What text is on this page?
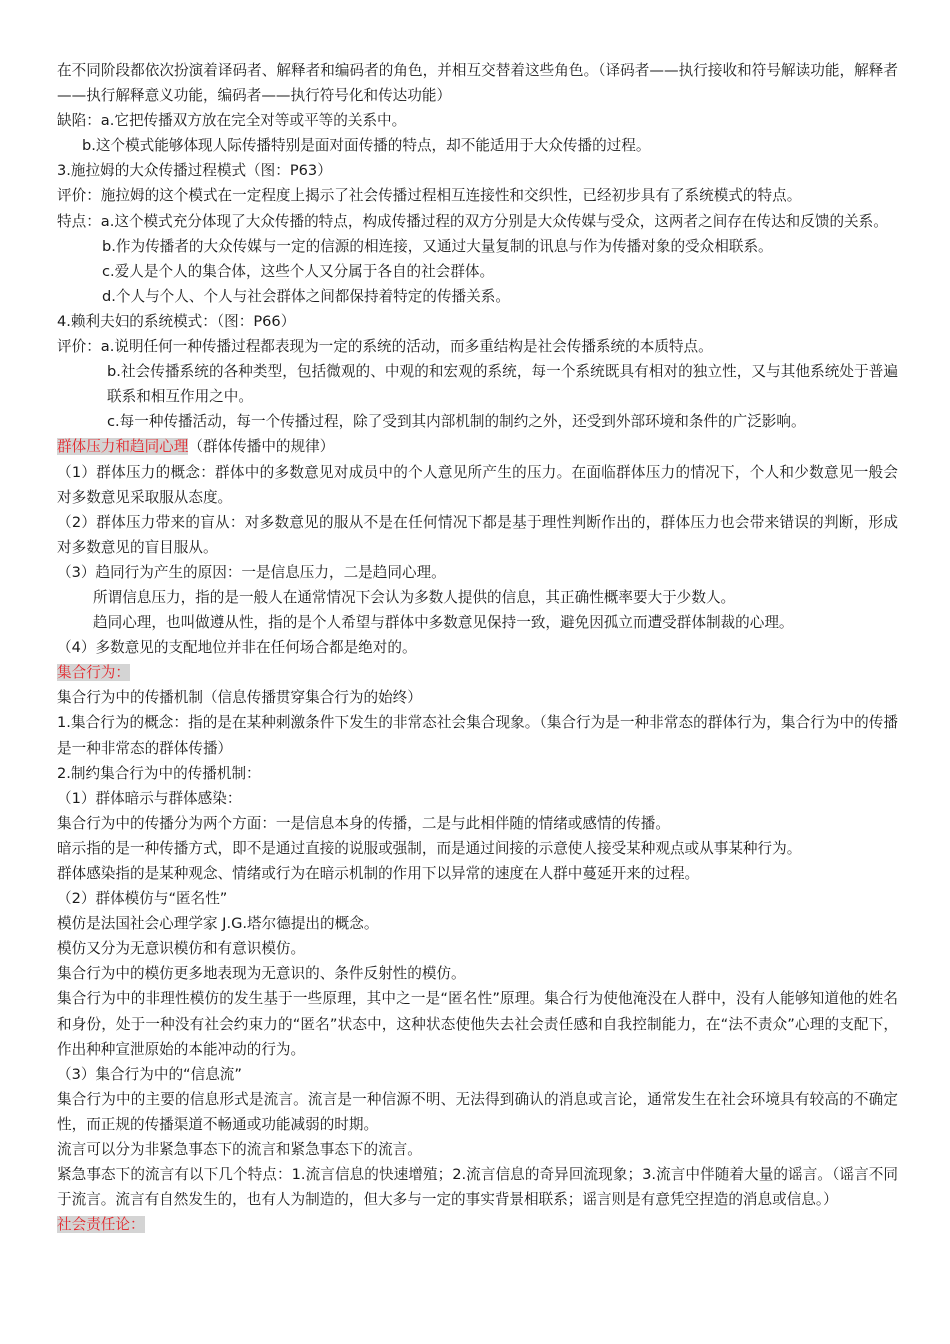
在不同阶段都依次扮演着译码者、解释者和编码者的角色，并相互交替着这些角色。（译码者——执行接收和符号解读功能，解释者——执行解释意义功能，编码者——执行符号化和传达功能）

缺陷：a.它把传播双方放在完全对等或平等的关系中。

b.这个模式能够体现人际传播特别是面对面传播的特点，却不能适用于大众传播的过程。

3.施拉姆的大众传播过程模式（图：P63）

评价：施拉姆的这个模式在一定程度上揭示了社会传播过程相互连接性和交织性，已经初步具有了系统模式的特点。

特点：a.这个模式充分体现了大众传播的特点，构成传播过程的双方分别是大众传媒与受众，这两者之间存在传达和反馈的关系。

b.作为传播者的大众传媒与一定的信源的相连接，又通过大量复制的讯息与作为传播对象的受众相联系。

c.爱人是个人的集合体，这些个人又分属于各自的社会群体。

d.个人与个人、个人与社会群体之间都保持着特定的传播关系。

4.赖利夫妇的系统模式：（图：P66）

评价：a.说明任何一种传播过程都表现为一定的系统的活动，而多重结构是社会传播系统的本质特点。

b.社会传播系统的各种类型，包括微观的、中观的和宏观的系统，每一个系统既具有相对的独立性，又与其他系统处于普遍联系和相互作用之中。

c.每一种传播活动，每一个传播过程，除了受到其内部机制的制约之外，还受到外部环境和条件的广泛影响。

群体压力和趋同心理（群体传播中的规律）

（1）群体压力的概念：群体中的多数意见对成员中的个人意见所产生的压力。在面临群体压力的情况下，个人和少数意见一般会对多数意见采取服从态度。

（2）群体压力带来的盲从：对多数意见的服从不是在任何情况下都是基于理性判断作出的，群体压力也会带来错误的判断，形成对多数意见的盲目服从。

（3）趋同行为产生的原因：一是信息压力，二是趋同心理。

所谓信息压力，指的是一般人在通常情况下会认为多数人提供的信息，其正确性概率要大于少数人。

趋同心理，也叫做遵从性，指的是个人希望与群体中多数意见保持一致，避免因孤立而遭受群体制裁的心理。

（4）多数意见的支配地位并非在任何场合都是绝对的。

集合行为：

集合行为中的传播机制（信息传播贯穿集合行为的始终）

1.集合行为的概念：指的是在某种刺激条件下发生的非常态社会集合现象。（集合行为是一种非常态的群体行为，集合行为中的传播是一种非常态的群体传播）

2.制约集合行为中的传播机制：

（1）群体暗示与群体感染：

集合行为中的传播分为两个方面：一是信息本身的传播，二是与此相伴随的情绪或感情的传播。

暗示指的是一种传播方式，即不是通过直接的说服或强制，而是通过间接的示意使人接受某种观点或从事某种行为。

群体感染指的是某种观念、情绪或行为在暗示机制的作用下以异常的速度在人群中蔓延开来的过程。

（2）群体模仿与“匿名性”

模仿是法国社会心理学家 J.G.塔尔德提出的概念。

模仿又分为无意识模仿和有意识模仿。

集合行为中的模仿更多地表现为无意识的、条件反射性的模仿。

集合行为中的非理性模仿的发生基于一些原理，其中之一是“匿名性”原理。集合行为使他淹没在人群中，没有人能够知道他的姓名和身份，处于一种没有社会约束力的“匿名”状态中，这种状态使他失去社会责任感和自我控制能力，在“法不责众”心理的支配下，作出种种宣泄原始的本能冲动的行为。

（3）集合行为中的“信息流”

集合行为中的主要的信息形式是流言。流言是一种信源不明、无法得到确认的消息或言论，通常发生在社会环境具有较高的不确定性，而正规的传播渠道不畅通或功能减弱的时期。

流言可以分为非紧急事态下的流言和紧急事态下的流言。

紧急事态下的流言有以下几个特点：1.流言信息的快速增殖；2.流言信息的奇异回流现象；3.流言中伴随着大量的谣言。（谣言不同于流言。流言有自然发生的，也有人为制造的，但大多与一定的事实背景相联系；谣言则是有意凭空捏造的消息或信息。）

社会责任论：
